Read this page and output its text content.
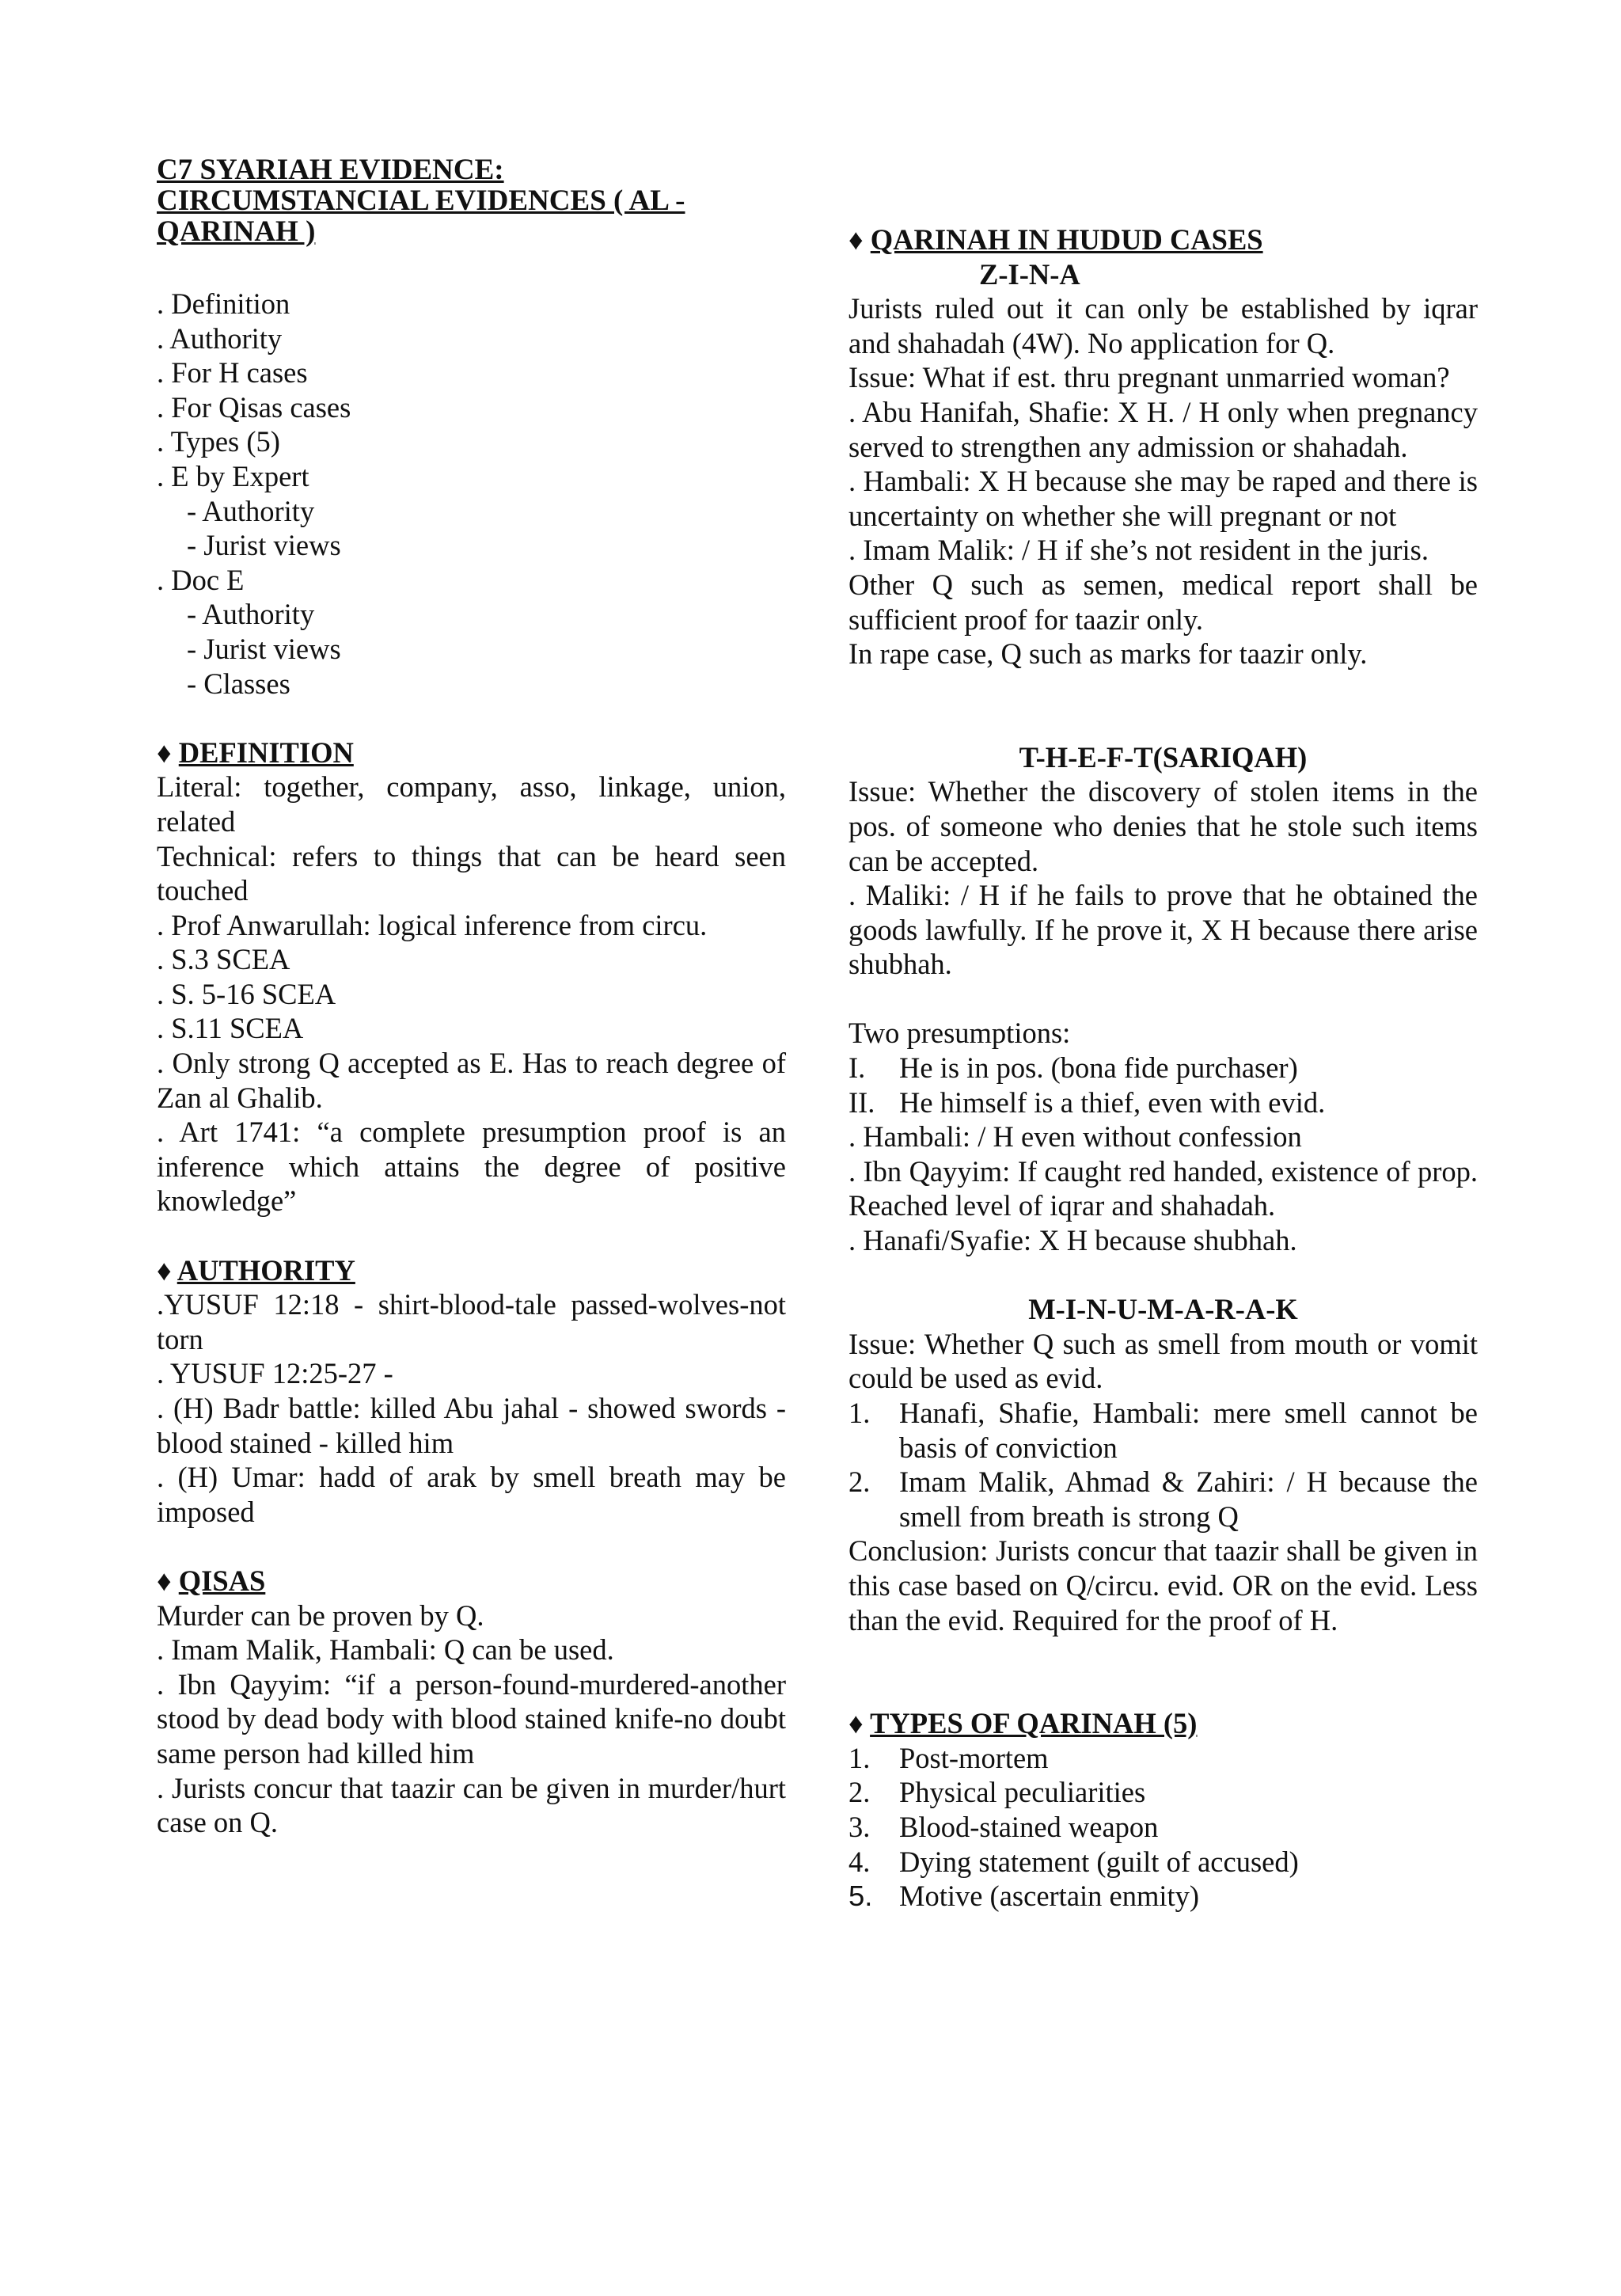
C7 SYARIAH EVIDENCE:
CIRCUMSTANCIAL EVIDENCES ( AL -
QARINAH )
. Definition
. Authority
. For H cases
. For Qisas cases
. Types (5)
. E by Expert
- Authority
- Jurist views
. Doc E
- Authority
- Jurist views
- Classes
♦ DEFINITION
Literal: together, company, asso, linkage, union, related
Technical: refers to things that can be heard seen touched
. Prof Anwarullah: logical inference from circu.
. S.3 SCEA
. S. 5-16 SCEA
. S.11 SCEA
. Only strong Q accepted as E. Has to reach degree of Zan al Ghalib.
. Art 1741: “a complete presumption proof is an inference which attains the degree of positive knowledge”
♦ AUTHORITY
.YUSUF 12:18 - shirt-blood-tale passed-wolves-not torn
. YUSUF 12:25-27 -
. (H) Badr battle: killed Abu jahal - showed swords - blood stained - killed him
. (H) Umar: hadd of arak by smell breath may be imposed
♦ QISAS
Murder can be proven by Q.
. Imam Malik, Hambali: Q can be used.
. Ibn Qayyim: “if a person-found-murdered-another stood by dead body with blood stained knife-no doubt same person had killed him
. Jurists concur that taazir can be given in murder/hurt case on Q.
♦ QARINAH IN HUDUD CASES
Z-I-N-A
Jurists ruled out it can only be established by iqrar and shahadah (4W). No application for Q.
Issue: What if est. thru pregnant unmarried woman?
. Abu Hanifah, Shafie: X H. / H only when pregnancy served to strengthen any admission or shahadah.
. Hambali: X H because she may be raped and there is uncertainty on whether she will pregnant or not
. Imam Malik: / H if she’s not resident in the juris.
Other Q such as semen, medical report shall be sufficient proof for taazir only.
In rape case, Q such as marks for taazir only.
T-H-E-F-T(SARIQAH)
Issue: Whether the discovery of stolen items in the pos. of someone who denies that he stole such items can be accepted.
. Maliki: / H if he fails to prove that he obtained the goods lawfully. If he prove it, X H because there arise shubhah.
Two presumptions:
I.	He is in pos. (bona fide purchaser)
II. He himself is a thief, even with evid.
. Hambali: / H even without confession
. Ibn Qayyim: If caught red handed, existence of prop. Reached level of iqrar and shahadah.
. Hanafi/Syafie: X H because shubhah.
M-I-N-U-M-A-R-A-K
Issue: Whether Q such as smell from mouth or vomit could be used as evid.
1.	Hanafi, Shafie, Hambali: mere smell cannot be basis of conviction
2.	Imam Malik, Ahmad & Zahiri: / H because the smell from breath is strong Q
Conclusion: Jurists concur that taazir shall be given in this case based on Q/circu. evid. OR on the evid. Less than the evid. Required for the proof of H.
♦ TYPES OF QARINAH (5)
1.	Post-mortem
2.	Physical peculiarities
3.	Blood-stained weapon
4.	Dying statement (guilt of accused)
5. Motive (ascertain enmity)
